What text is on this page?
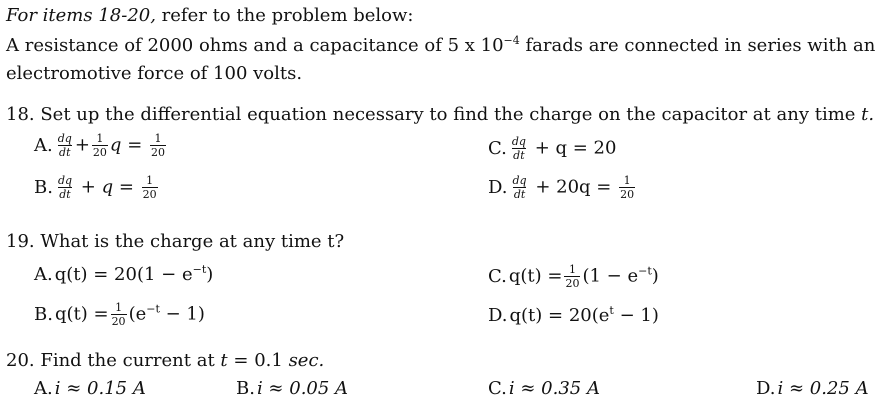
For items 18-20, refer to the problem below:
A resistance of 2000 ohms and a capacitance of 5 x $10^{-4}$ farads are connected in series with an
electromotive force of 100 volts.
18. Set up the differential equation necessary to find the charge on the capacitor at any time t.
A. $\frac{dq}{dt} + \frac{1}{20}$ $q = \frac{1}{20}$
B. $\frac{dq}{dt} + q = \frac{1}{20}$
C. $\frac{dq}{dt} + q = 20$
D. $\frac{dq}{dt} + 20q = \frac{1}{20}$
19. What is the charge at any time t?
A. $q(t) = 20(1 - e^{-t})$
B. $q(t) = \frac{1}{20} (e^{-t} - 1)$
C. $q(t) = \frac{1}{20} (1 - e^{-t})$
D. $q(t) = 20(e^t - 1)$
20. Find the current at t = 0.1 sec.
A. i ≈ 0.15 A	B. i ≈ 0.05 A	C. i ≈ 0.35 A	D. i ≈ 0.25 A
